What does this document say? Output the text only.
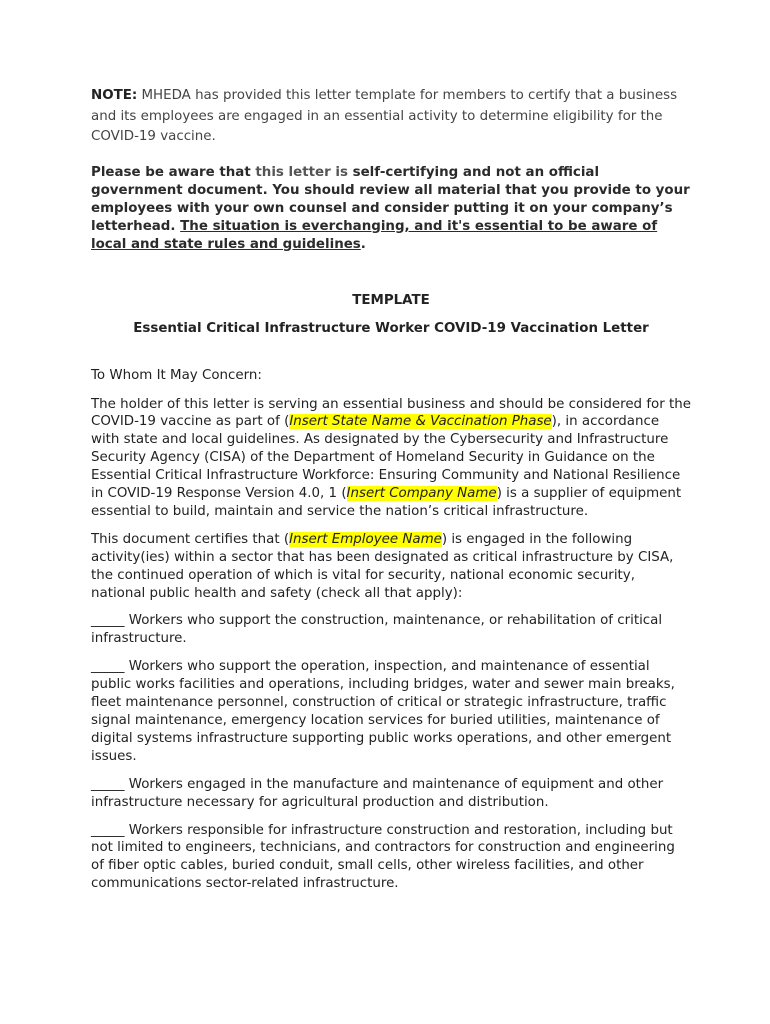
NOTE: MHEDA has provided this letter template for members to certify that a business and its employees are engaged in an essential activity to determine eligibility for the COVID-19 vaccine.

Please be aware that this letter is self-certifying and not an official government document. You should review all material that you provide to your employees with your own counsel and consider putting it on your company’s letterhead. The situation is everchanging, and it's essential to be aware of local and state rules and guidelines.

TEMPLATE

Essential Critical Infrastructure Worker COVID-19 Vaccination Letter

To Whom It May Concern:

The holder of this letter is serving an essential business and should be considered for the COVID-19 vaccine as part of (Insert State Name & Vaccination Phase), in accordance with state and local guidelines. As designated by the Cybersecurity and Infrastructure Security Agency (CISA) of the Department of Homeland Security in Guidance on the Essential Critical Infrastructure Workforce: Ensuring Community and National Resilience in COVID-19 Response Version 4.0, 1 (Insert Company Name) is a supplier of equipment essential to build, maintain and service the nation’s critical infrastructure.

This document certifies that (Insert Employee Name) is engaged in the following activity(ies) within a sector that has been designated as critical infrastructure by CISA, the continued operation of which is vital for security, national economic security, national public health and safety (check all that apply):

_____ Workers who support the construction, maintenance, or rehabilitation of critical infrastructure.

_____ Workers who support the operation, inspection, and maintenance of essential public works facilities and operations, including bridges, water and sewer main breaks, fleet maintenance personnel, construction of critical or strategic infrastructure, traffic signal maintenance, emergency location services for buried utilities, maintenance of digital systems infrastructure supporting public works operations, and other emergent issues.

_____ Workers engaged in the manufacture and maintenance of equipment and other infrastructure necessary for agricultural production and distribution.

_____ Workers responsible for infrastructure construction and restoration, including but not limited to engineers, technicians, and contractors for construction and engineering of fiber optic cables, buried conduit, small cells, other wireless facilities, and other communications sector-related infrastructure.
